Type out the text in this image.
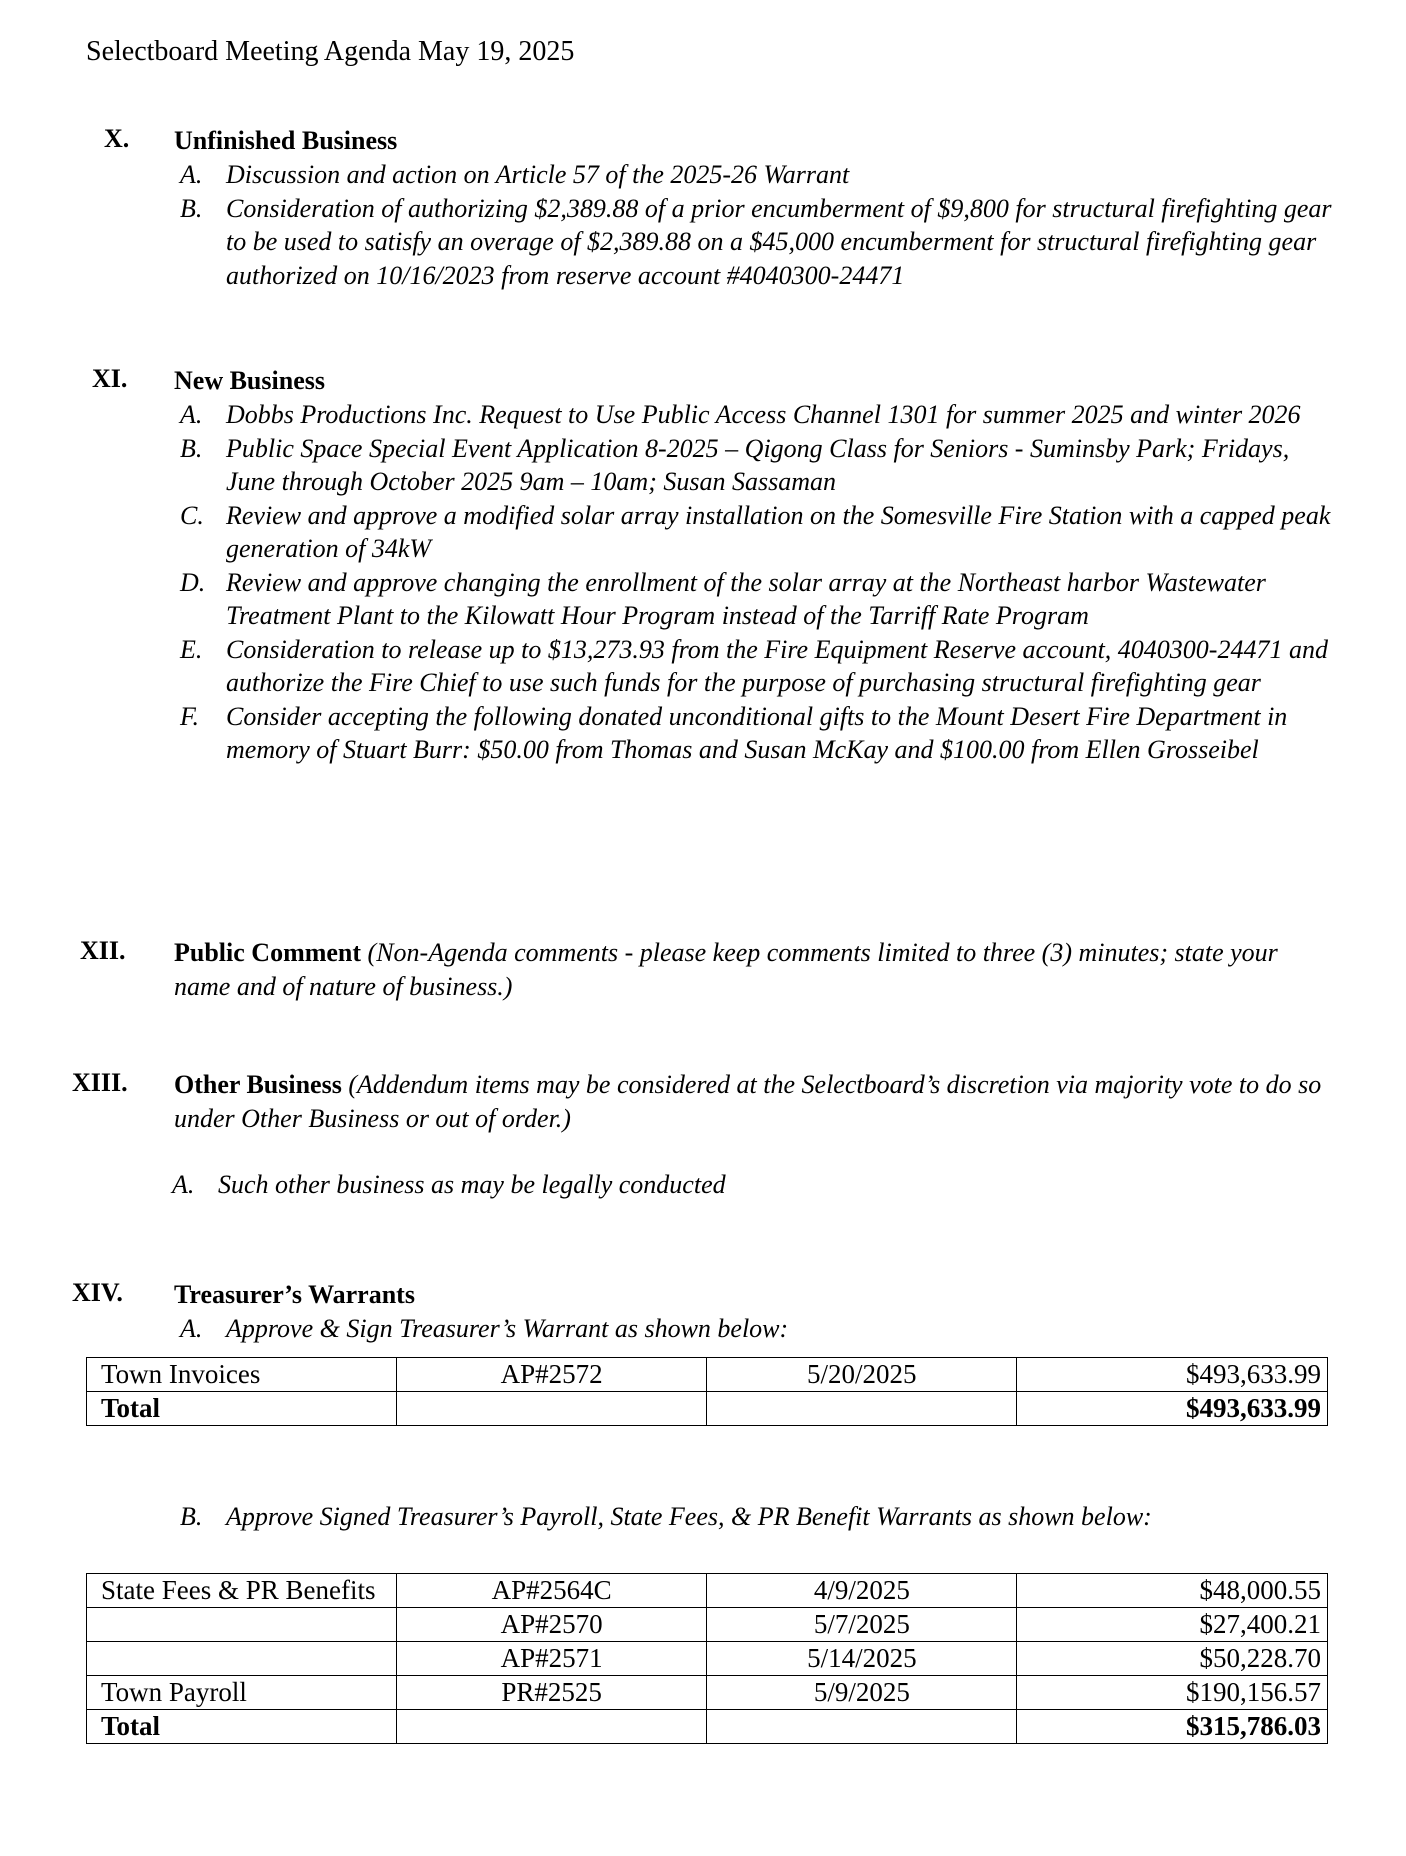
Selectboard Meeting Agenda May 19, 2025
X. Unfinished Business
A. Discussion and action on Article 57 of the 2025-26 Warrant
B. Consideration of authorizing $2,389.88 of a prior encumberment of $9,800 for structural firefighting gear to be used to satisfy an overage of $2,389.88 on a $45,000 encumberment for structural firefighting gear authorized on 10/16/2023 from reserve account #4040300-24471
XI. New Business
A. Dobbs Productions Inc. Request to Use Public Access Channel 1301 for summer 2025 and winter 2026
B. Public Space Special Event Application 8-2025 – Qigong Class for Seniors - Suminsby Park; Fridays, June through October 2025 9am – 10am; Susan Sassaman
C. Review and approve a modified solar array installation on the Somesville Fire Station with a capped peak generation of 34kW
D. Review and approve changing the enrollment of the solar array at the Northeast harbor Wastewater Treatment Plant to the Kilowatt Hour Program instead of the Tarriff Rate Program
E. Consideration to release up to $13,273.93 from the Fire Equipment Reserve account, 4040300-24471 and authorize the Fire Chief to use such funds for the purpose of purchasing structural firefighting gear
F.	Consider accepting the following donated unconditional gifts to the Mount Desert Fire Department in memory of Stuart Burr: $50.00 from Thomas and Susan McKay and $100.00 from Ellen Grosseibel
XII. Public Comment (Non-Agenda comments - please keep comments limited to three (3) minutes; state your name and of nature of business.)
XIII. Other Business (Addendum items may be considered at the Selectboard’s discretion via majority vote to do so under Other Business or out of order.)
A. Such other business as may be legally conducted
XIV. Treasurer’s Warrants
A. Approve & Sign Treasurer’s Warrant as shown below:
Town Invoices	AP#2572	5/20/2025	$493,633.99
Total			$493,633.99
B. Approve Signed Treasurer’s Payroll, State Fees, & PR Benefit Warrants as shown below:
State Fees & PR Benefits	AP#2564C	4/9/2025	$48,000.55
	AP#2570	5/7/2025	$27,400.21
	AP#2571	5/14/2025	$50,228.70
Town Payroll	PR#2525	5/9/2025	$190,156.57
Total			$315,786.03
